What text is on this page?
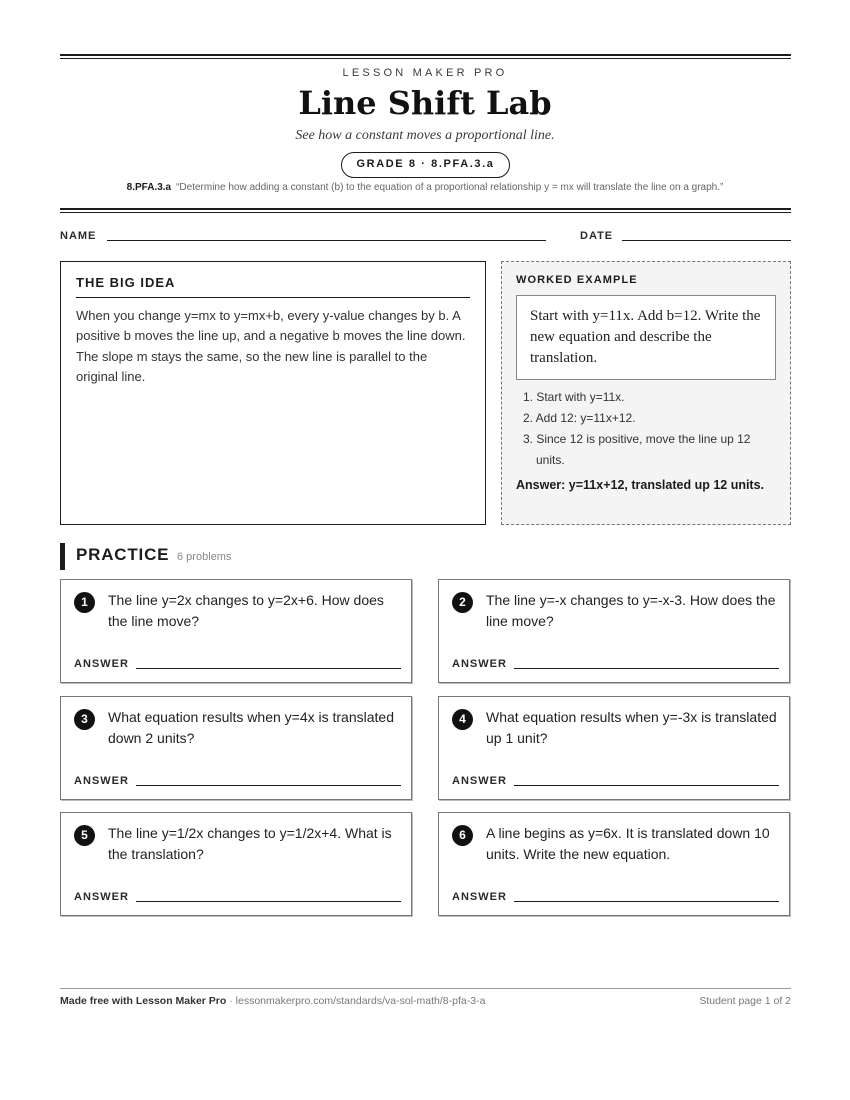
LESSON MAKER PRO
Line Shift Lab
See how a constant moves a proportional line.
GRADE 8 · 8.PFA.3.a
8.PFA.3.a “Determine how adding a constant (b) to the equation of a proportional relationship y = mx will translate the line on a graph.”
NAME	DATE
THE BIG IDEA

When you change y=mx to y=mx+b, every y-value changes by b. A positive b moves the line up, and a negative b moves the line down. The slope m stays the same, so the new line is parallel to the original line.

WORKED EXAMPLE
Start with y=11x. Add b=12. Write the new equation and describe the translation.
1. Start with y=11x.
2. Add 12: y=11x+12.
3. Since 12 is positive, move the line up 12 units.
Answer: y=11x+12, translated up 12 units.
PRACTICE 6 problems
1	The line y=2x changes to y=2x+6. How does the line move?
ANSWER
2	The line y=-x changes to y=-x-3. How does the line move?
ANSWER
3	What equation results when y=4x is translated down 2 units?
ANSWER
4	What equation results when y=-3x is translated up 1 unit?
ANSWER
5	The line y=1/2x changes to y=1/2x+4. What is the translation?
ANSWER
6	A line begins as y=6x. It is translated down 10 units. Write the new equation.
ANSWER
Made free with Lesson Maker Pro · lessonmakerpro.com/standards/va-sol-math/8-pfa-3-a	Student page 1 of 2
